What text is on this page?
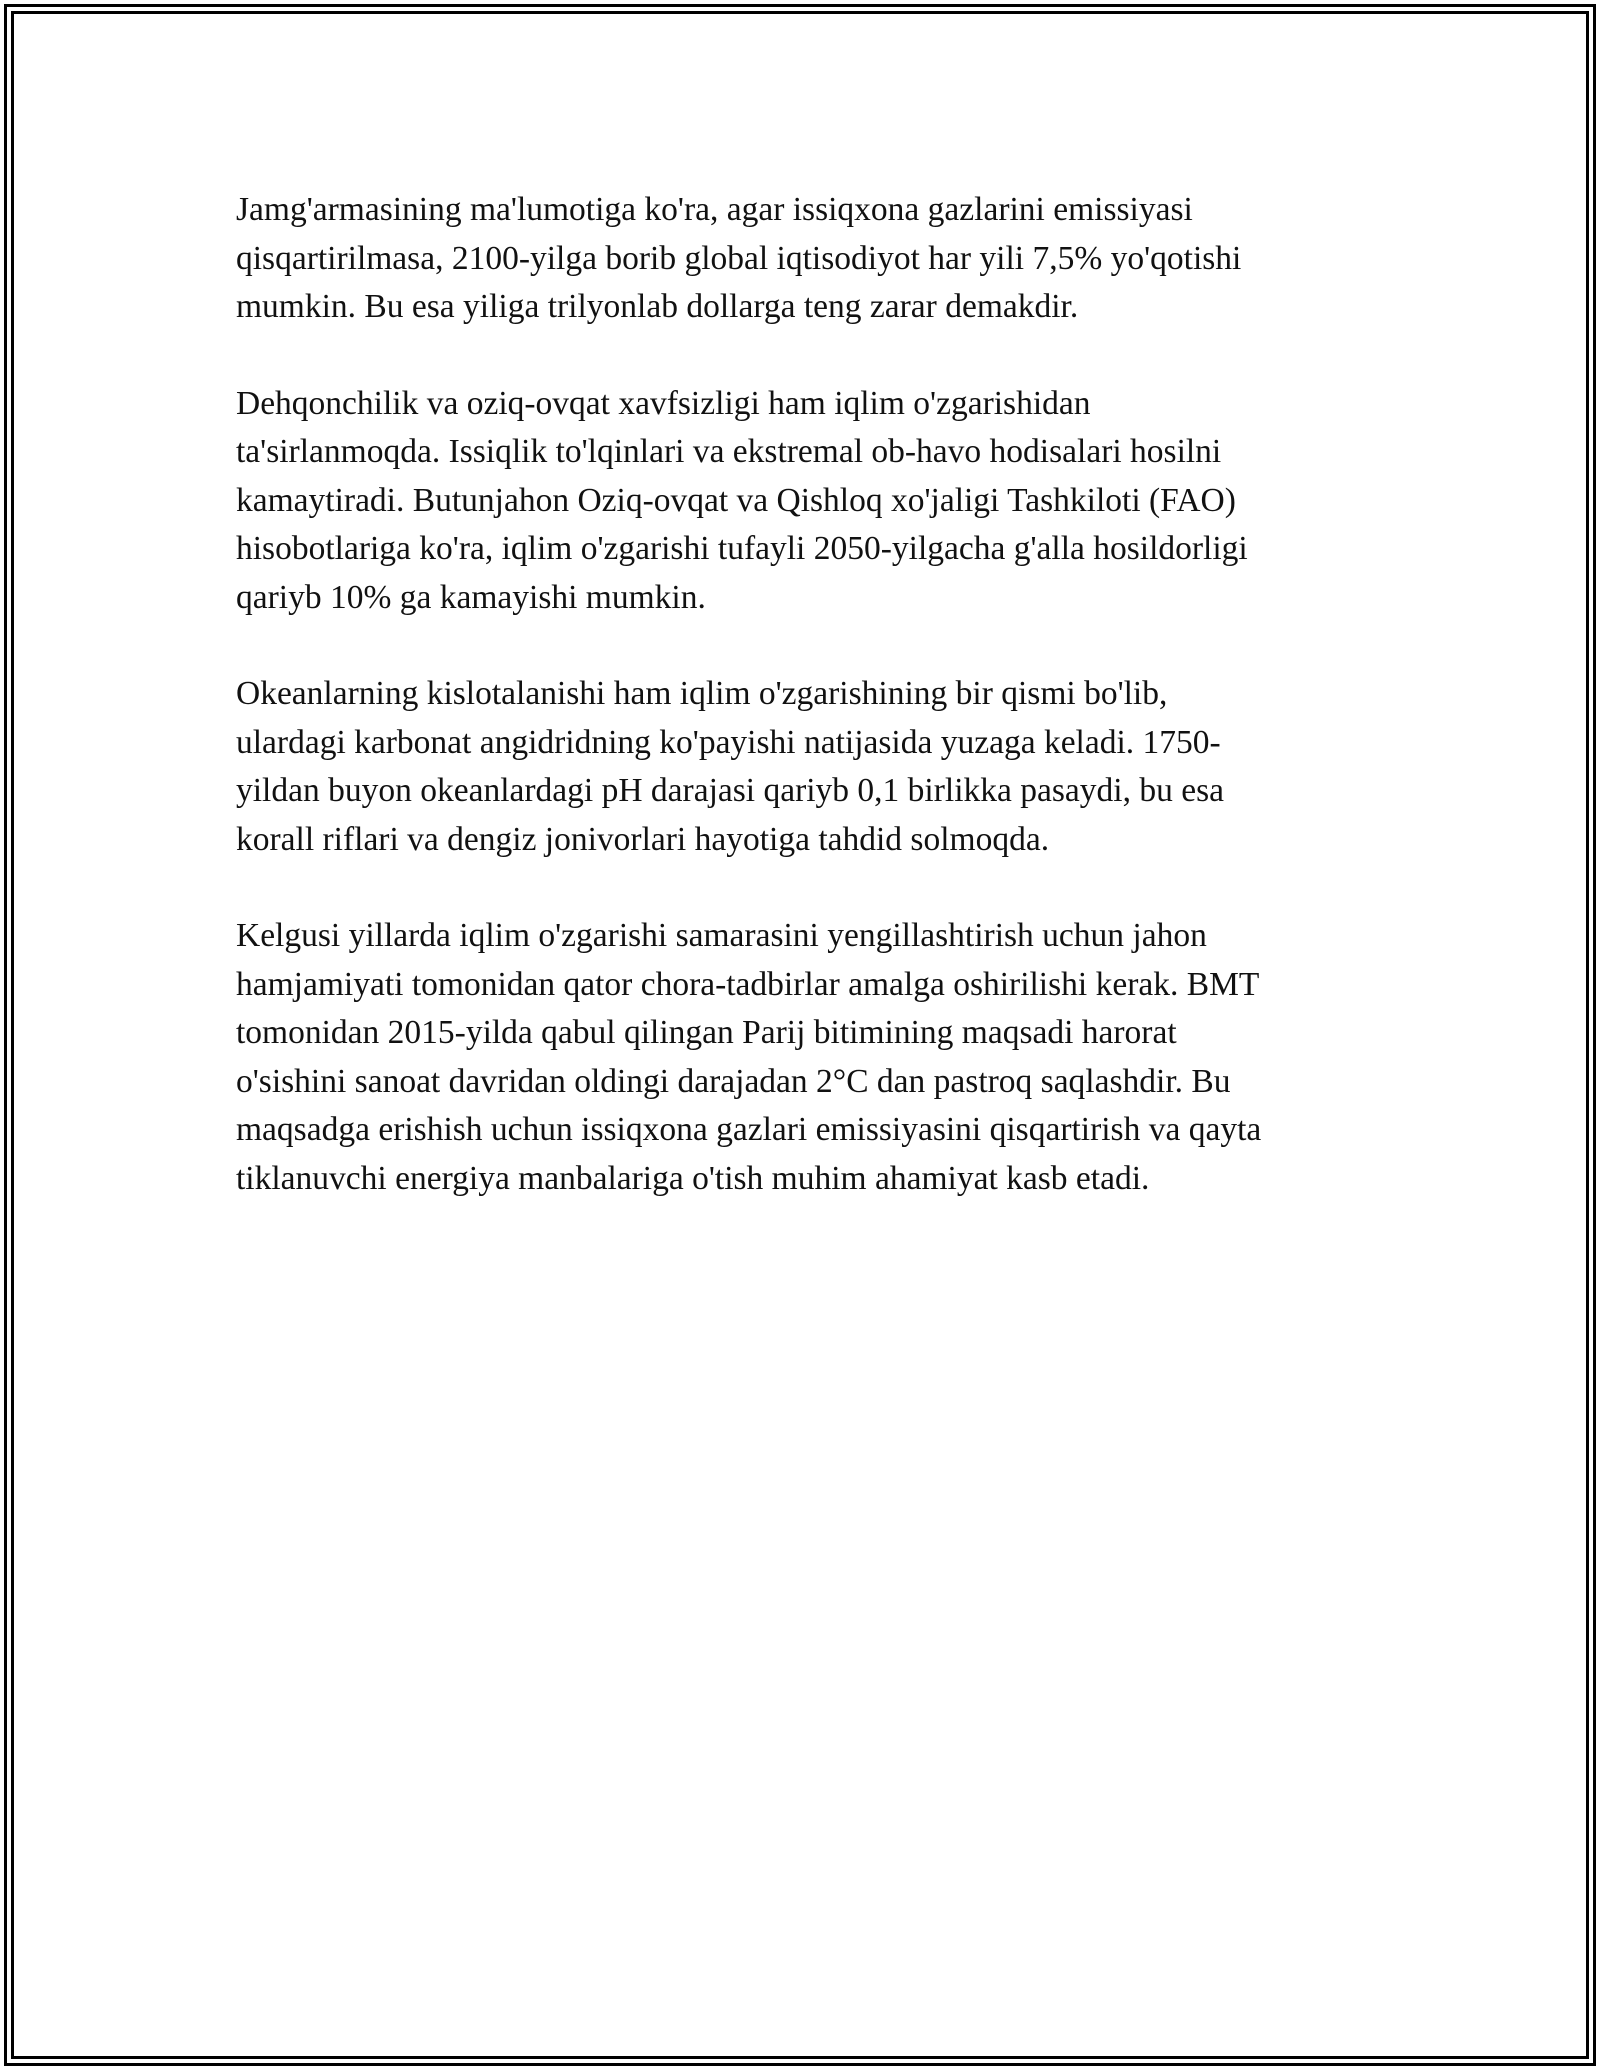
Jamg'armasining ma'lumotiga ko'ra, agar issiqxona gazlarini emissiyasi
qisqartirilmasa, 2100-yilga borib global iqtisodiyot har yili 7,5% yo'qotishi
mumkin. Bu esa yiliga trilyonlab dollarga teng zarar demakdir.

Dehqonchilik va oziq-ovqat xavfsizligi ham iqlim o'zgarishidan
ta'sirlanmoqda. Issiqlik to'lqinlari va ekstremal ob-havo hodisalari hosilni
kamaytiradi. Butunjahon Oziq-ovqat va Qishloq xo'jaligi Tashkiloti (FAO)
hisobotlariga ko'ra, iqlim o'zgarishi tufayli 2050-yilgacha g'alla hosildorligi
qariyb 10% ga kamayishi mumkin.

Okeanlarning kislotalanishi ham iqlim o'zgarishining bir qismi bo'lib,
ulardagi karbonat angidridning ko'payishi natijasida yuzaga keladi. 1750-
yildan buyon okeanlardagi pH darajasi qariyb 0,1 birlikka pasaydi, bu esa
korall riflari va dengiz jonivorlari hayotiga tahdid solmoqda.

Kelgusi yillarda iqlim o'zgarishi samarasini yengillashtirish uchun jahon
hamjamiyati tomonidan qator chora-tadbirlar amalga oshirilishi kerak. BMT
tomonidan 2015-yilda qabul qilingan Parij bitimining maqsadi harorat
o'sishini sanoat davridan oldingi darajadan 2°C dan pastroq saqlashdir. Bu
maqsadga erishish uchun issiqxona gazlari emissiyasini qisqartirish va qayta
tiklanuvchi energiya manbalariga o'tish muhim ahamiyat kasb etadi.
